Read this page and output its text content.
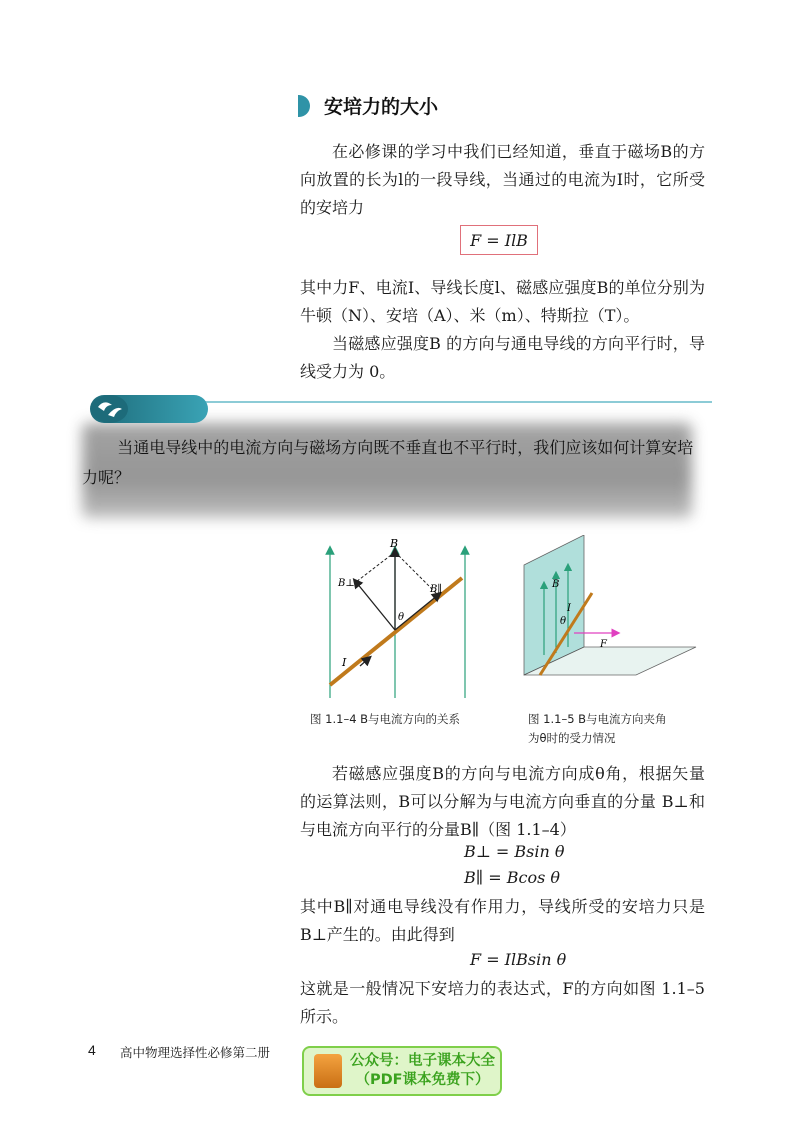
安培力的大小
在必修课的学习中我们已经知道，垂直于磁场B的方向放置的长为l的一段导线，当通过的电流为I时，它所受的安培力
F = IlB
其中力F、电流I、导线长度l、磁感应强度B的单位分别为牛顿（N）、安培（A）、米（m）、特斯拉（T）。
当磁感应强度B 的方向与通电导线的方向平行时，导线受力为 0。
当通电导线中的电流方向与磁场方向既不垂直也不平行时，我们应该如何计算安培力呢？
B
B⊥
B∥
θ
I
图 1.1–4 B与电流方向的关系
B
I
θ
F
图 1.1–5 B与电流方向夹角
为θ时的受力情况
若磁感应强度B的方向与电流方向成θ角，根据矢量的运算法则，B可以分解为与电流方向垂直的分量 B⊥和与电流方向平行的分量B∥（图 1.1–4）
B⊥ = Bsin θ
B∥ = Bcos θ
其中B∥对通电导线没有作用力，导线所受的安培力只是B⊥产生的。由此得到
F = IlBsin θ
这就是一般情况下安培力的表达式，F的方向如图 1.1–5 所示。
4 高中物理选择性必修第二册
公众号：电子课本大全
（PDF课本免费下）
